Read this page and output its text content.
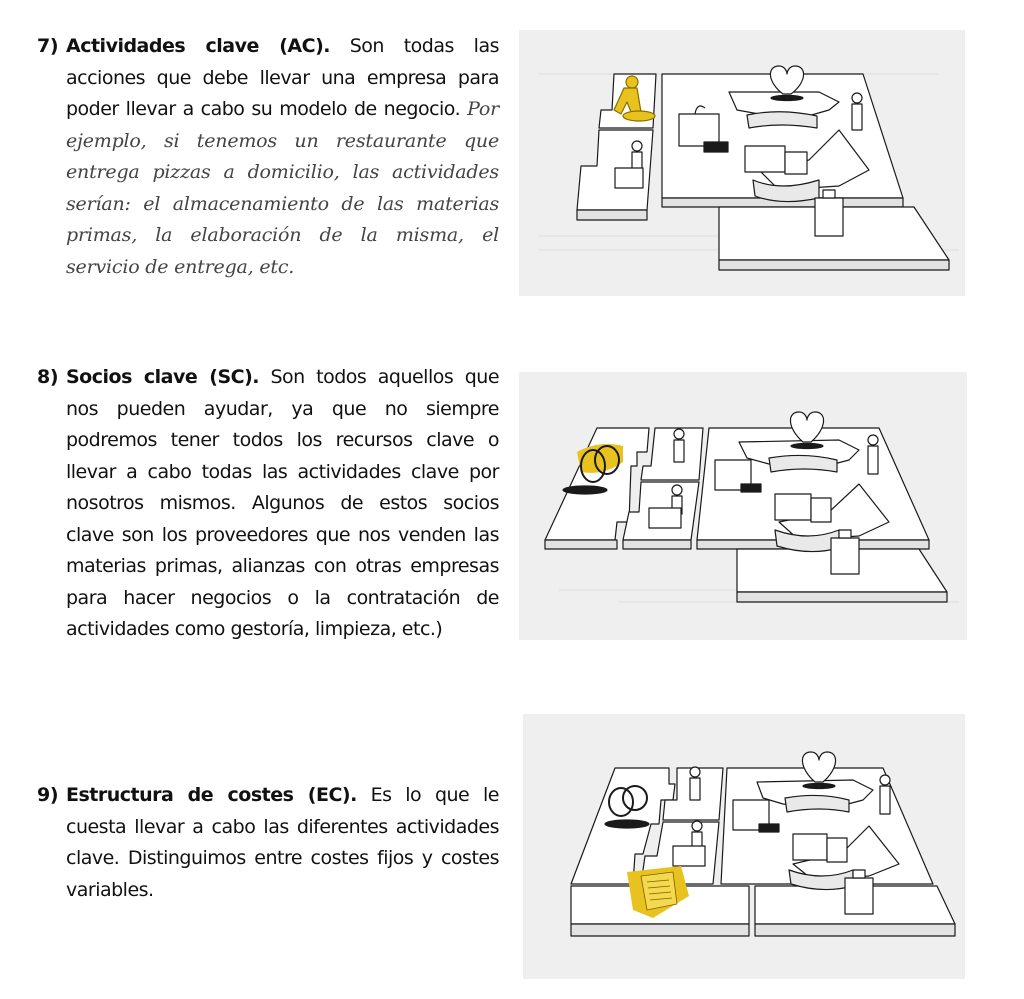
7) Actividades clave (AC). Son todas las acciones que debe llevar una empresa para poder llevar a cabo su modelo de negocio. Por ejemplo, si tenemos un restaurante que entrega pizzas a domicilio, las actividades serían: el almacenamiento de las materias primas, la elaboración de la misma, el servicio de entrega, etc.

8) Socios clave (SC). Son todos aquellos que nos pueden ayudar, ya que no siempre podremos tener todos los recursos clave o llevar a cabo todas las actividades clave por nosotros mismos. Algunos de estos socios clave son los proveedores que nos venden las materias primas, alianzas con otras empresas para hacer negocios o la contratación de actividades como gestoría, limpieza, etc.)

9) Estructura de costes (EC). Es lo que le cuesta llevar a cabo las diferentes actividades clave. Distinguimos entre costes fijos y costes variables.
